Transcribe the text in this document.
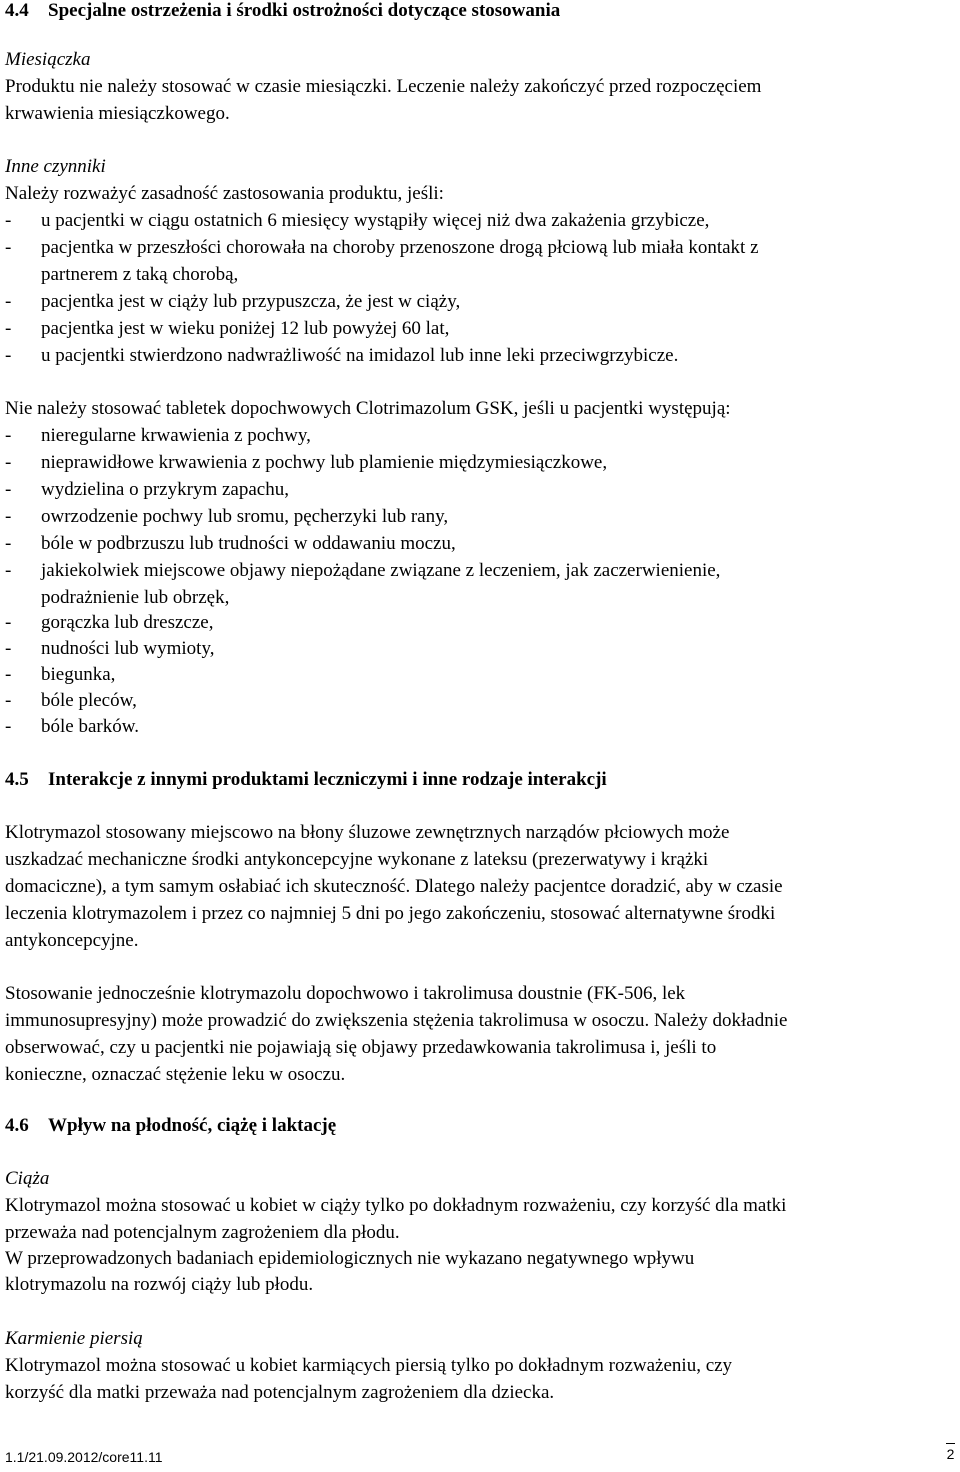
4.4 Specjalne ostrzeżenia i środki ostrożności dotyczące stosowania
Miesiączka
Produktu nie należy stosować w czasie miesiączki. Leczenie należy zakończyć przed rozpoczęciem
krwawienia miesiączkowego.
Inne czynniki
Należy rozważyć zasadność zastosowania produktu, jeśli:
- u pacjentki w ciągu ostatnich 6 miesięcy wystąpiły więcej niż dwa zakażenia grzybicze,
- pacjentka w przeszłości chorowała na choroby przenoszone drogą płciową lub miała kontakt z
partnerem z taką chorobą,
- pacjentka jest w ciąży lub przypuszcza, że jest w ciąży,
- pacjentka jest w wieku poniżej 12 lub powyżej 60 lat,
- u pacjentki stwierdzono nadwrażliwość na imidazol lub inne leki przeciwgrzybicze.
Nie należy stosować tabletek dopochwowych Clotrimazolum GSK, jeśli u pacjentki występują:
- nieregularne krwawienia z pochwy,
- nieprawidłowe krwawienia z pochwy lub plamienie międzymiesiączkowe,
- wydzielina o przykrym zapachu,
- owrzodzenie pochwy lub sromu, pęcherzyki lub rany,
- bóle w podbrzuszu lub trudności w oddawaniu moczu,
- jakiekolwiek miejscowe objawy niepożądane związane z leczeniem, jak zaczerwienienie,
podrażnienie lub obrzęk,
- gorączka lub dreszcze,
- nudności lub wymioty,
- biegunka,
- bóle pleców,
- bóle barków.
4.5 Interakcje z innymi produktami leczniczymi i inne rodzaje interakcji
Klotrymazol stosowany miejscowo na błony śluzowe zewnętrznych narządów płciowych może
uszkadzać mechaniczne środki antykoncepcyjne wykonane z lateksu (prezerwatywy i krążki
domaciczne), a tym samym osłabiać ich skuteczność. Dlatego należy pacjentce doradzić, aby w czasie
leczenia klotrymazolem i przez co najmniej 5 dni po jego zakończeniu, stosować alternatywne środki
antykoncepcyjne.
Stosowanie jednocześnie klotrymazolu dopochwowo i takrolimusa doustnie (FK-506, lek
immunosupresyjny) może prowadzić do zwiększenia stężenia takrolimusa w osoczu. Należy dokładnie
obserwować, czy u pacjentki nie pojawiają się objawy przedawkowania takrolimusa i, jeśli to
konieczne, oznaczać stężenie leku w osoczu.
4.6 Wpływ na płodność, ciążę i laktację
Ciąża
Klotrymazol można stosować u kobiet w ciąży tylko po dokładnym rozważeniu, czy korzyść dla matki
przeważa nad potencjalnym zagrożeniem dla płodu.
W przeprowadzonych badaniach epidemiologicznych nie wykazano negatywnego wpływu
klotrymazolu na rozwój ciąży lub płodu.
Karmienie piersią
Klotrymazol można stosować u kobiet karmiących piersią tylko po dokładnym rozważeniu, czy
korzyść dla matki przeważa nad potencjalnym zagrożeniem dla dziecka.
1.1/21.09.2012/core11.11	2
